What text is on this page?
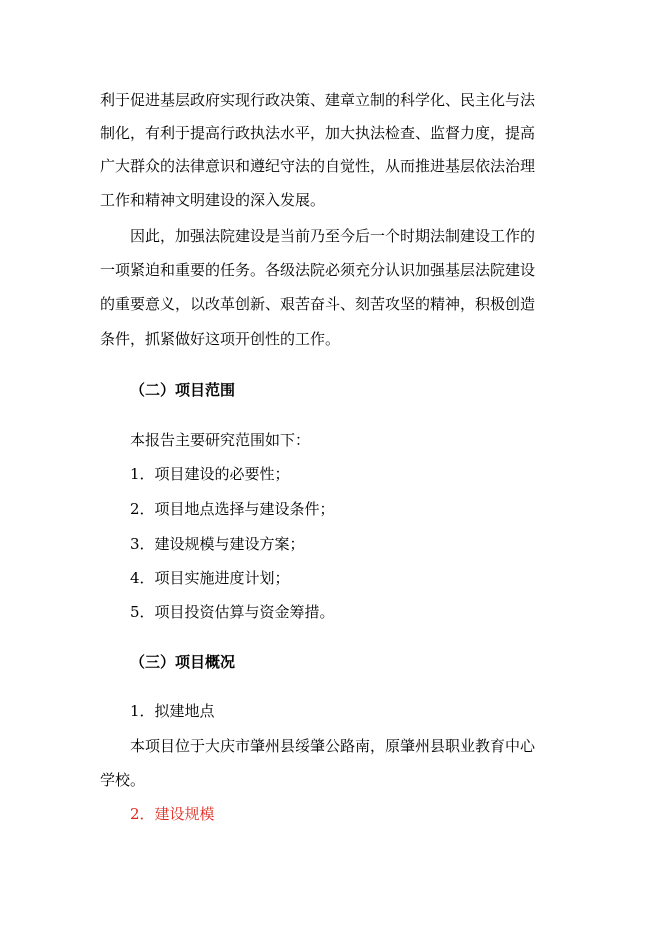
利于促进基层政府实现行政决策、建章立制的科学化、民主化与法
制化，有利于提高行政执法水平，加大执法检查、监督力度，提高
广大群众的法律意识和遵纪守法的自觉性，从而推进基层依法治理
工作和精神文明建设的深入发展。
因此，加强法院建设是当前乃至今后一个时期法制建设工作的
一项紧迫和重要的任务。各级法院必须充分认识加强基层法院建设
的重要意义，以改革创新、艰苦奋斗、刻苦攻坚的精神，积极创造
条件，抓紧做好这项开创性的工作。
（二）项目范围
本报告主要研究范围如下：
1．项目建设的必要性；
2．项目地点选择与建设条件；
3．建设规模与建设方案；
4．项目实施进度计划；
5．项目投资估算与资金筹措。
（三）项目概况
1．拟建地点
本项目位于大庆市肇州县绥肇公路南，原肇州县职业教育中心
学校。
2．建设规模
